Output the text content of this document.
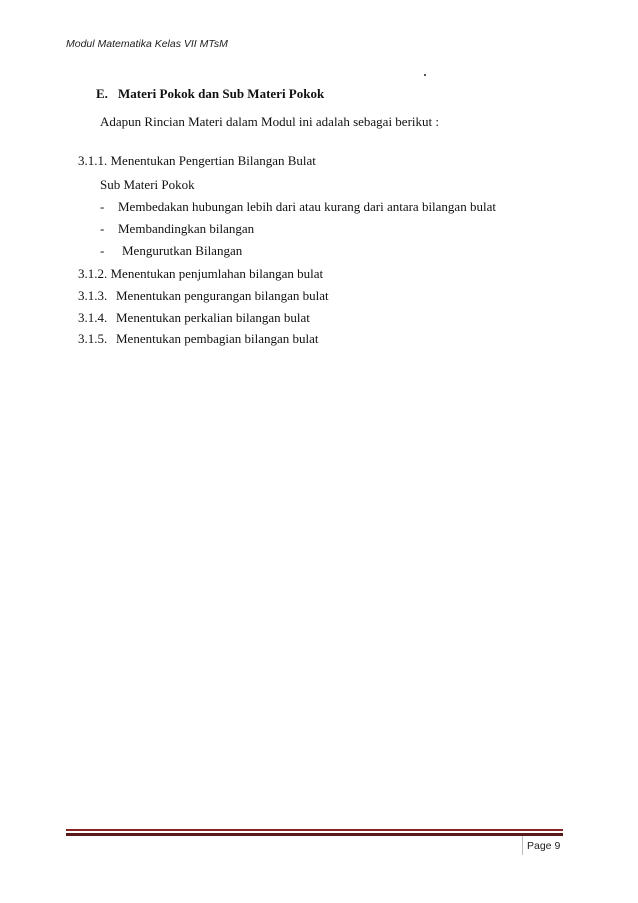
Modul Matematika Kelas VII MTsM
E. Materi Pokok dan Sub Materi Pokok
Adapun Rincian Materi dalam Modul ini adalah sebagai berikut :
3.1.1. Menentukan Pengertian Bilangan Bulat
Sub Materi Pokok
- Membedakan hubungan lebih dari atau kurang dari antara bilangan bulat
- Membandingkan bilangan
- Mengurutkan Bilangan
3.1.2. Menentukan penjumlahan bilangan bulat
3.1.3. Menentukan pengurangan bilangan bulat
3.1.4. Menentukan perkalian bilangan bulat
3.1.5. Menentukan pembagian bilangan bulat
Page 9
